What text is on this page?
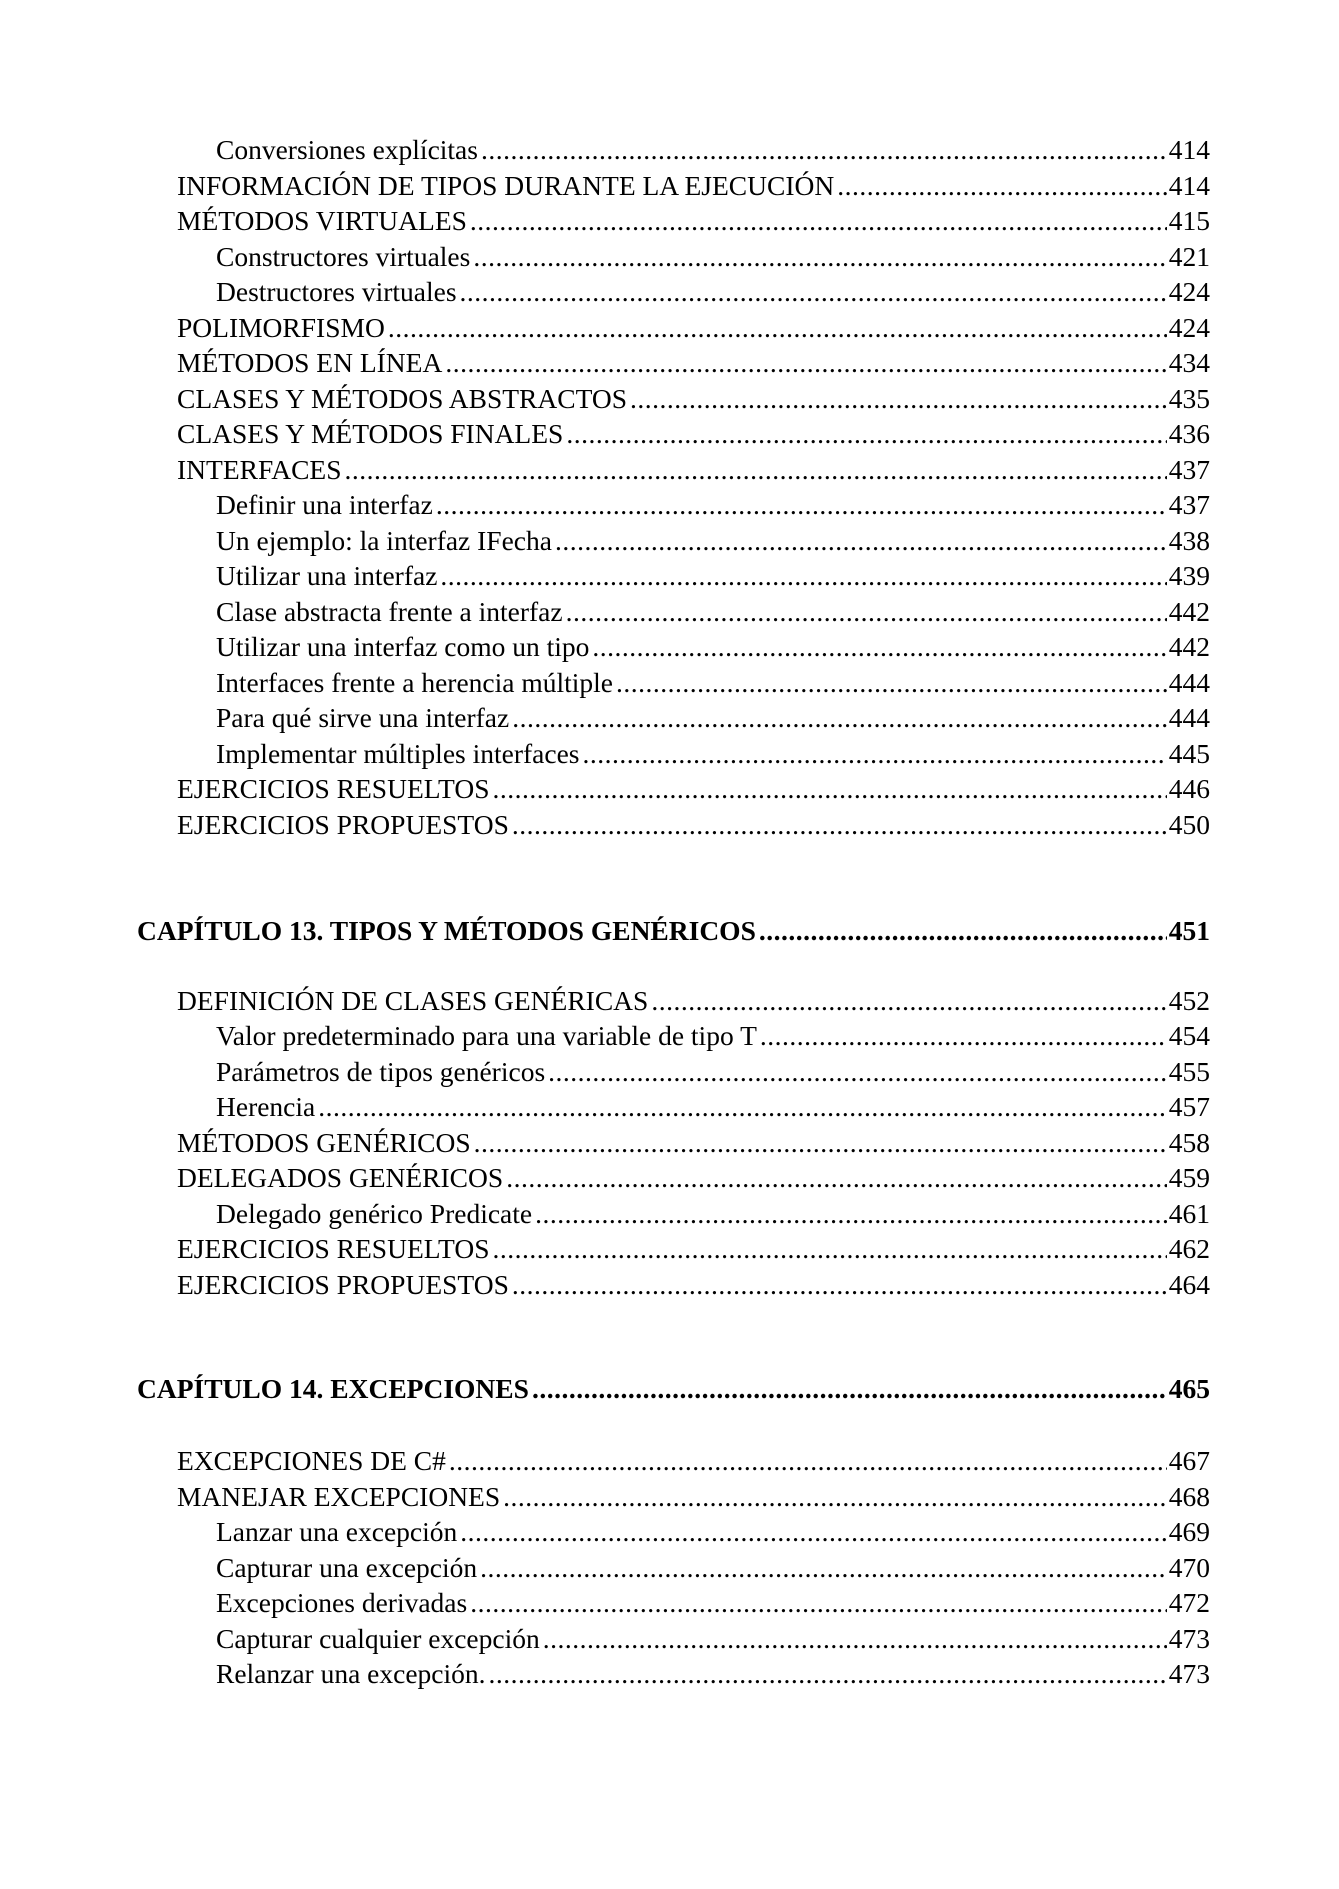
Conversiones explícitas .....	414
INFORMACIÓN DE TIPOS DURANTE LA EJECUCIÓN .....	414
MÉTODOS VIRTUALES .....	415
Constructores virtuales .....	421
Destructores virtuales .....	424
POLIMORFISMO .....	424
MÉTODOS EN LÍNEA .....	434
CLASES Y MÉTODOS ABSTRACTOS .....	435
CLASES Y MÉTODOS FINALES .....	436
INTERFACES .....	437
Definir una interfaz .....	437
Un ejemplo: la interfaz IFecha .....	438
Utilizar una interfaz .....	439
Clase abstracta frente a interfaz .....	442
Utilizar una interfaz como un tipo .....	442
Interfaces frente a herencia múltiple .....	444
Para qué sirve una interfaz .....	444
Implementar múltiples interfaces .....	445
EJERCICIOS RESUELTOS .....	446
EJERCICIOS PROPUESTOS .....	450
CAPÍTULO 13. TIPOS Y MÉTODOS GENÉRICOS .....	451
DEFINICIÓN DE CLASES GENÉRICAS .....	452
Valor predeterminado para una variable de tipo T .....	454
Parámetros de tipos genéricos .....	455
Herencia .....	457
MÉTODOS GENÉRICOS .....	458
DELEGADOS GENÉRICOS .....	459
Delegado genérico Predicate .....	461
EJERCICIOS RESUELTOS .....	462
EJERCICIOS PROPUESTOS .....	464
CAPÍTULO 14. EXCEPCIONES .....	465
EXCEPCIONES DE C# .....	467
MANEJAR EXCEPCIONES .....	468
Lanzar una excepción .....	469
Capturar una excepción .....	470
Excepciones derivadas .....	472
Capturar cualquier excepción .....	473
Relanzar una excepción. .....	473
